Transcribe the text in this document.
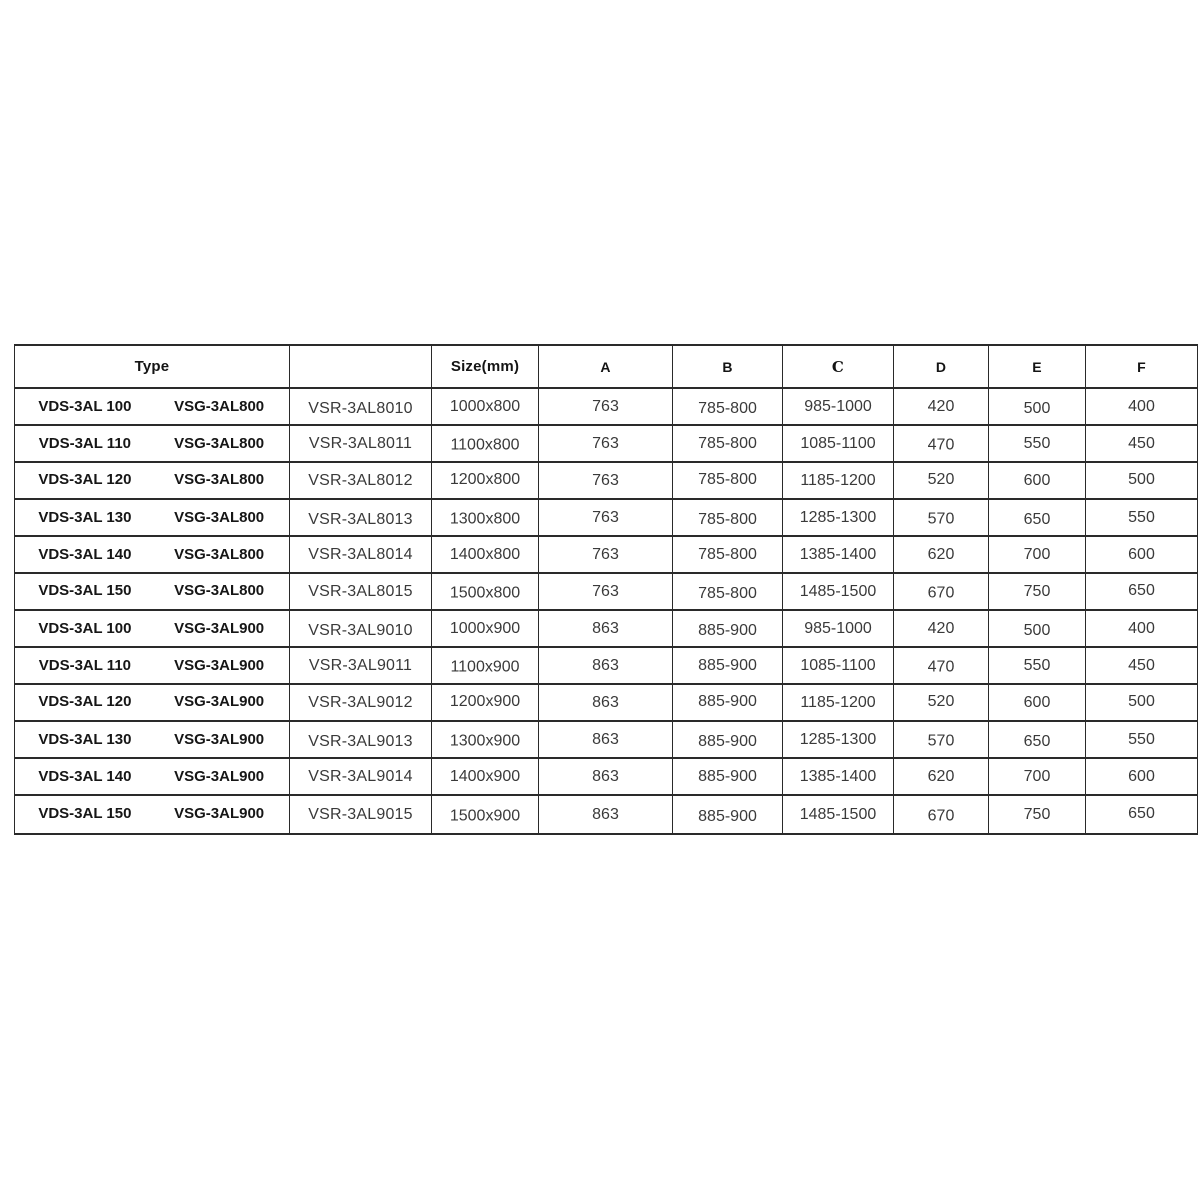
Type		Size(mm)	A	B	C	D	E	F
VDS-3AL 100 VSG-3AL800	VSR-3AL8010	1000x800	763	785-800	985-1000	420	500	400
VDS-3AL 110 VSG-3AL800	VSR-3AL8011	1100x800	763	785-800	1085-1100	470	550	450
VDS-3AL 120 VSG-3AL800	VSR-3AL8012	1200x800	763	785-800	1185-1200	520	600	500
VDS-3AL 130 VSG-3AL800	VSR-3AL8013	1300x800	763	785-800	1285-1300	570	650	550
VDS-3AL 140 VSG-3AL800	VSR-3AL8014	1400x800	763	785-800	1385-1400	620	700	600
VDS-3AL 150 VSG-3AL800	VSR-3AL8015	1500x800	763	785-800	1485-1500	670	750	650
VDS-3AL 100 VSG-3AL900	VSR-3AL9010	1000x900	863	885-900	985-1000	420	500	400
VDS-3AL 110 VSG-3AL900	VSR-3AL9011	1100x900	863	885-900	1085-1100	470	550	450
VDS-3AL 120 VSG-3AL900	VSR-3AL9012	1200x900	863	885-900	1185-1200	520	600	500
VDS-3AL 130 VSG-3AL900	VSR-3AL9013	1300x900	863	885-900	1285-1300	570	650	550
VDS-3AL 140 VSG-3AL900	VSR-3AL9014	1400x900	863	885-900	1385-1400	620	700	600
VDS-3AL 150 VSG-3AL900	VSR-3AL9015	1500x900	863	885-900	1485-1500	670	750	650
